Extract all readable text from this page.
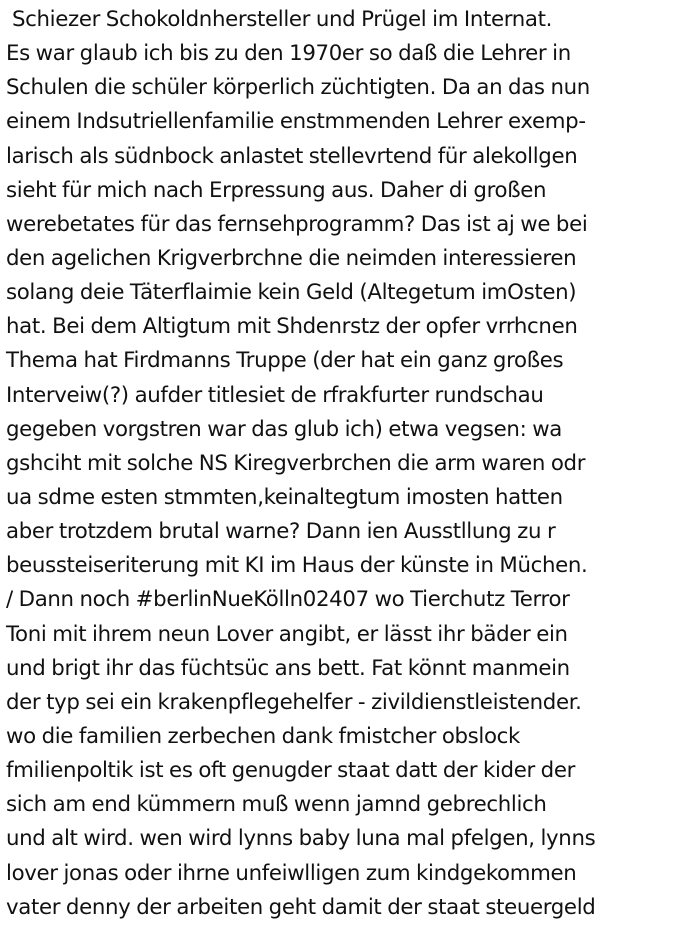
Schiezer Schokoldnhersteller und Prügel im Internat.
Es war glaub ich bis zu den 1970er so daß die Lehrer in
Schulen die schüler körperlich züchtigten. Da an das nun
einem Indsutriellenfamilie enstmmenden Lehrer exemp-
larisch als südnbock anlastet stellevrtend für alekollgen
sieht für mich nach Erpressung aus. Daher di großen
werebetates für das fernsehprogramm? Das ist aj we bei
den agelichen Krigverbrchne die neimden interessieren
solang deie Täterflaimie kein Geld (Altegetum imOsten)
hat. Bei dem Altigtum mit Shdenrstz der opfer vrrhcnen
Thema hat Firdmanns Truppe (der hat ein ganz großes
Interveiw(?) aufder titlesiet de rfrakfurter rundschau
gegeben vorgstren war das glub ich) etwa vegsen: wa
gshciht mit solche NS Kiregverbrchen die arm waren odr
ua sdme esten stmmten,keinaltegtum imosten hatten
aber trotzdem brutal warne? Dann ien Ausstllung zu r
beussteiseriterung mit KI im Haus der künste in Müchen.
/ Dann noch #berlinNueKölln02407 wo Tierchutz Terror
Toni mit ihrem neun Lover angibt, er lässt ihr bäder ein
und brigt ihr das füchtsüc ans bett. Fat könnt manmein
der typ sei ein krakenpflegehelfer - zivildienstleistender.
wo die familien zerbechen dank fmistcher obslock
fmilienpoltik ist es oft genugder staat datt der kider der
sich am end kümmern muß wenn jamnd gebrechlich
und alt wird. wen wird lynns baby luna mal pfelgen, lynns
lover jonas oder ihrne unfeiwlligen zum kindgekommen
vater denny der arbeiten geht damit der staat steuergeld
